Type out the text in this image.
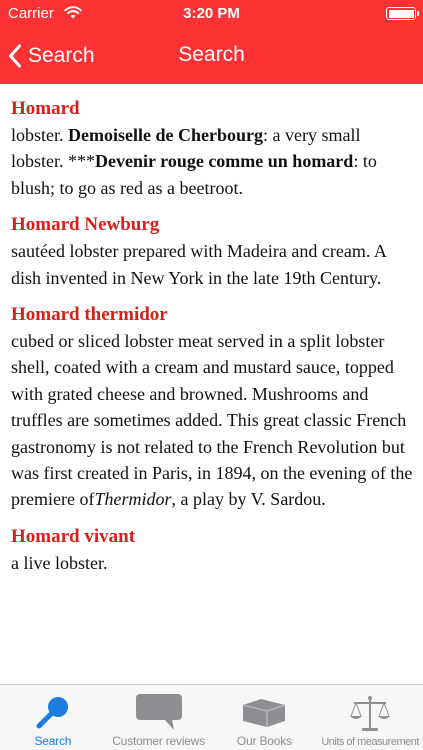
Carrier	3:20 PM
Search	Search
Homard
lobster. Demoiselle de Cherbourg: a very small lobster. ***Devenir rouge comme un homard: to blush; to go as red as a beetroot.
Homard Newburg
sautéed lobster prepared with Madeira and cream. A dish invented in New York in the late 19th Century.
Homard thermidor
cubed or sliced lobster meat served in a split lobster shell, coated with a cream and mustard sauce, topped with grated cheese and browned. Mushrooms and truffles are sometimes added. This great classic French gastronomy is not related to the French Revolution but was first created in Paris, in 1894, on the evening of the premiere ofThermidor, a play by V. Sardou.
Homard vivant
a live lobster.
Search	Customer reviews	Our Books	Units of measurement
